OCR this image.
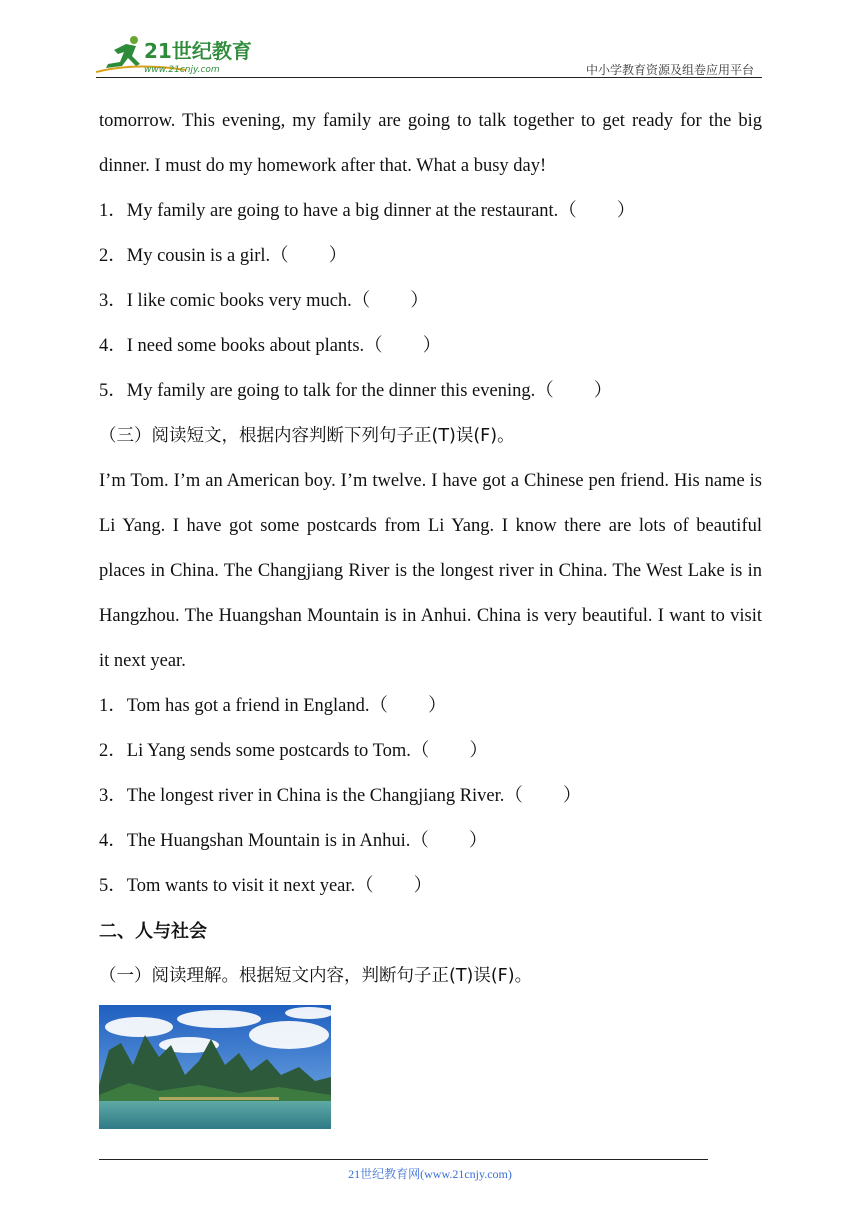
21世纪教育
www.21cnjy.com	中小学教育资源及组卷应用平台

tomorrow. This evening, my family are going to talk together to get ready for the big dinner. I must do my homework after that. What a busy day!

1．My family are going to have a big dinner at the restaurant.（ ）
2．My cousin is a girl.（ ）
3．I like comic books very much.（ ）
4．I need some books about plants.（ ）
5．My family are going to talk for the dinner this evening.（ ）
（三）阅读短文，根据内容判断下列句子正(T)误(F)。

I’m Tom. I’m an American boy. I’m twelve. I have got a Chinese pen friend. His name is Li Yang. I have got some postcards from Li Yang. I know there are lots of beautiful places in China. The Changjiang River is the longest river in China. The West Lake is in Hangzhou. The Huangshan Mountain is in Anhui. China is very beautiful. I want to visit it next year.

1．Tom has got a friend in England.（ ）
2．Li Yang sends some postcards to Tom.（ ）
3．The longest river in China is the Changjiang River.（ ）
4．The Huangshan Mountain is in Anhui.（ ）
5．Tom wants to visit it next year.（ ）
二、人与社会
（一）阅读理解。根据短文内容，判断句子正(T)误(F)。
21世纪教育网(www.21cnjy.com)
